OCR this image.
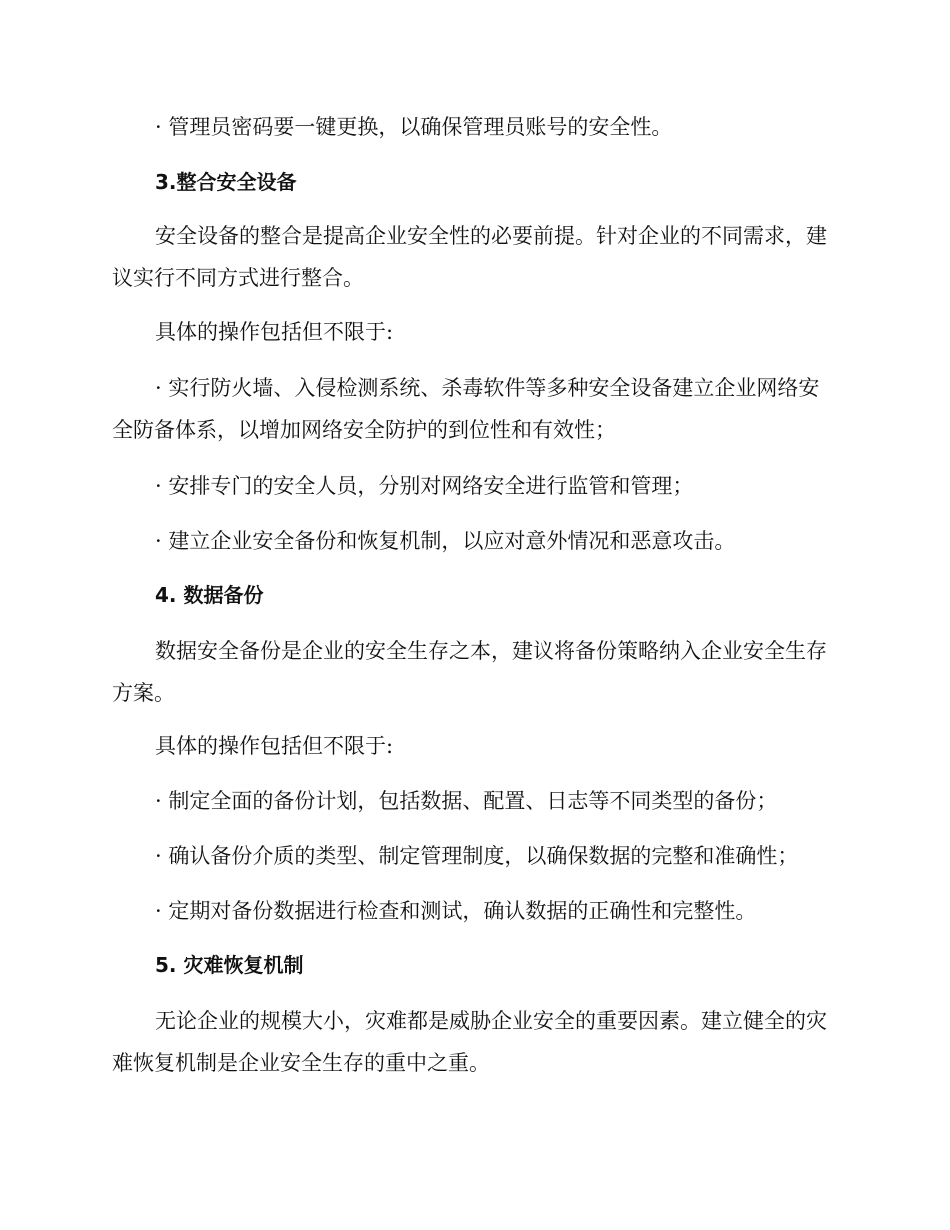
· 管理员密码要一键更换，以确保管理员账号的安全性。

3.整合安全设备

安全设备的整合是提高企业安全性的必要前提。针对企业的不同需求，建议实行不同方式进行整合。

具体的操作包括但不限于:

· 实行防火墙、入侵检测系统、杀毒软件等多种安全设备建立企业网络安全防备体系，以增加网络安全防护的到位性和有效性；

· 安排专门的安全人员，分别对网络安全进行监管和管理；

· 建立企业安全备份和恢复机制，以应对意外情况和恶意攻击。

4. 数据备份

数据安全备份是企业的安全生存之本，建议将备份策略纳入企业安全生存方案。

具体的操作包括但不限于:

· 制定全面的备份计划，包括数据、配置、日志等不同类型的备份；

· 确认备份介质的类型、制定管理制度，以确保数据的完整和准确性；

· 定期对备份数据进行检查和测试，确认数据的正确性和完整性。

5. 灾难恢复机制

无论企业的规模大小，灾难都是威胁企业安全的重要因素。建立健全的灾难恢复机制是企业安全生存的重中之重。
